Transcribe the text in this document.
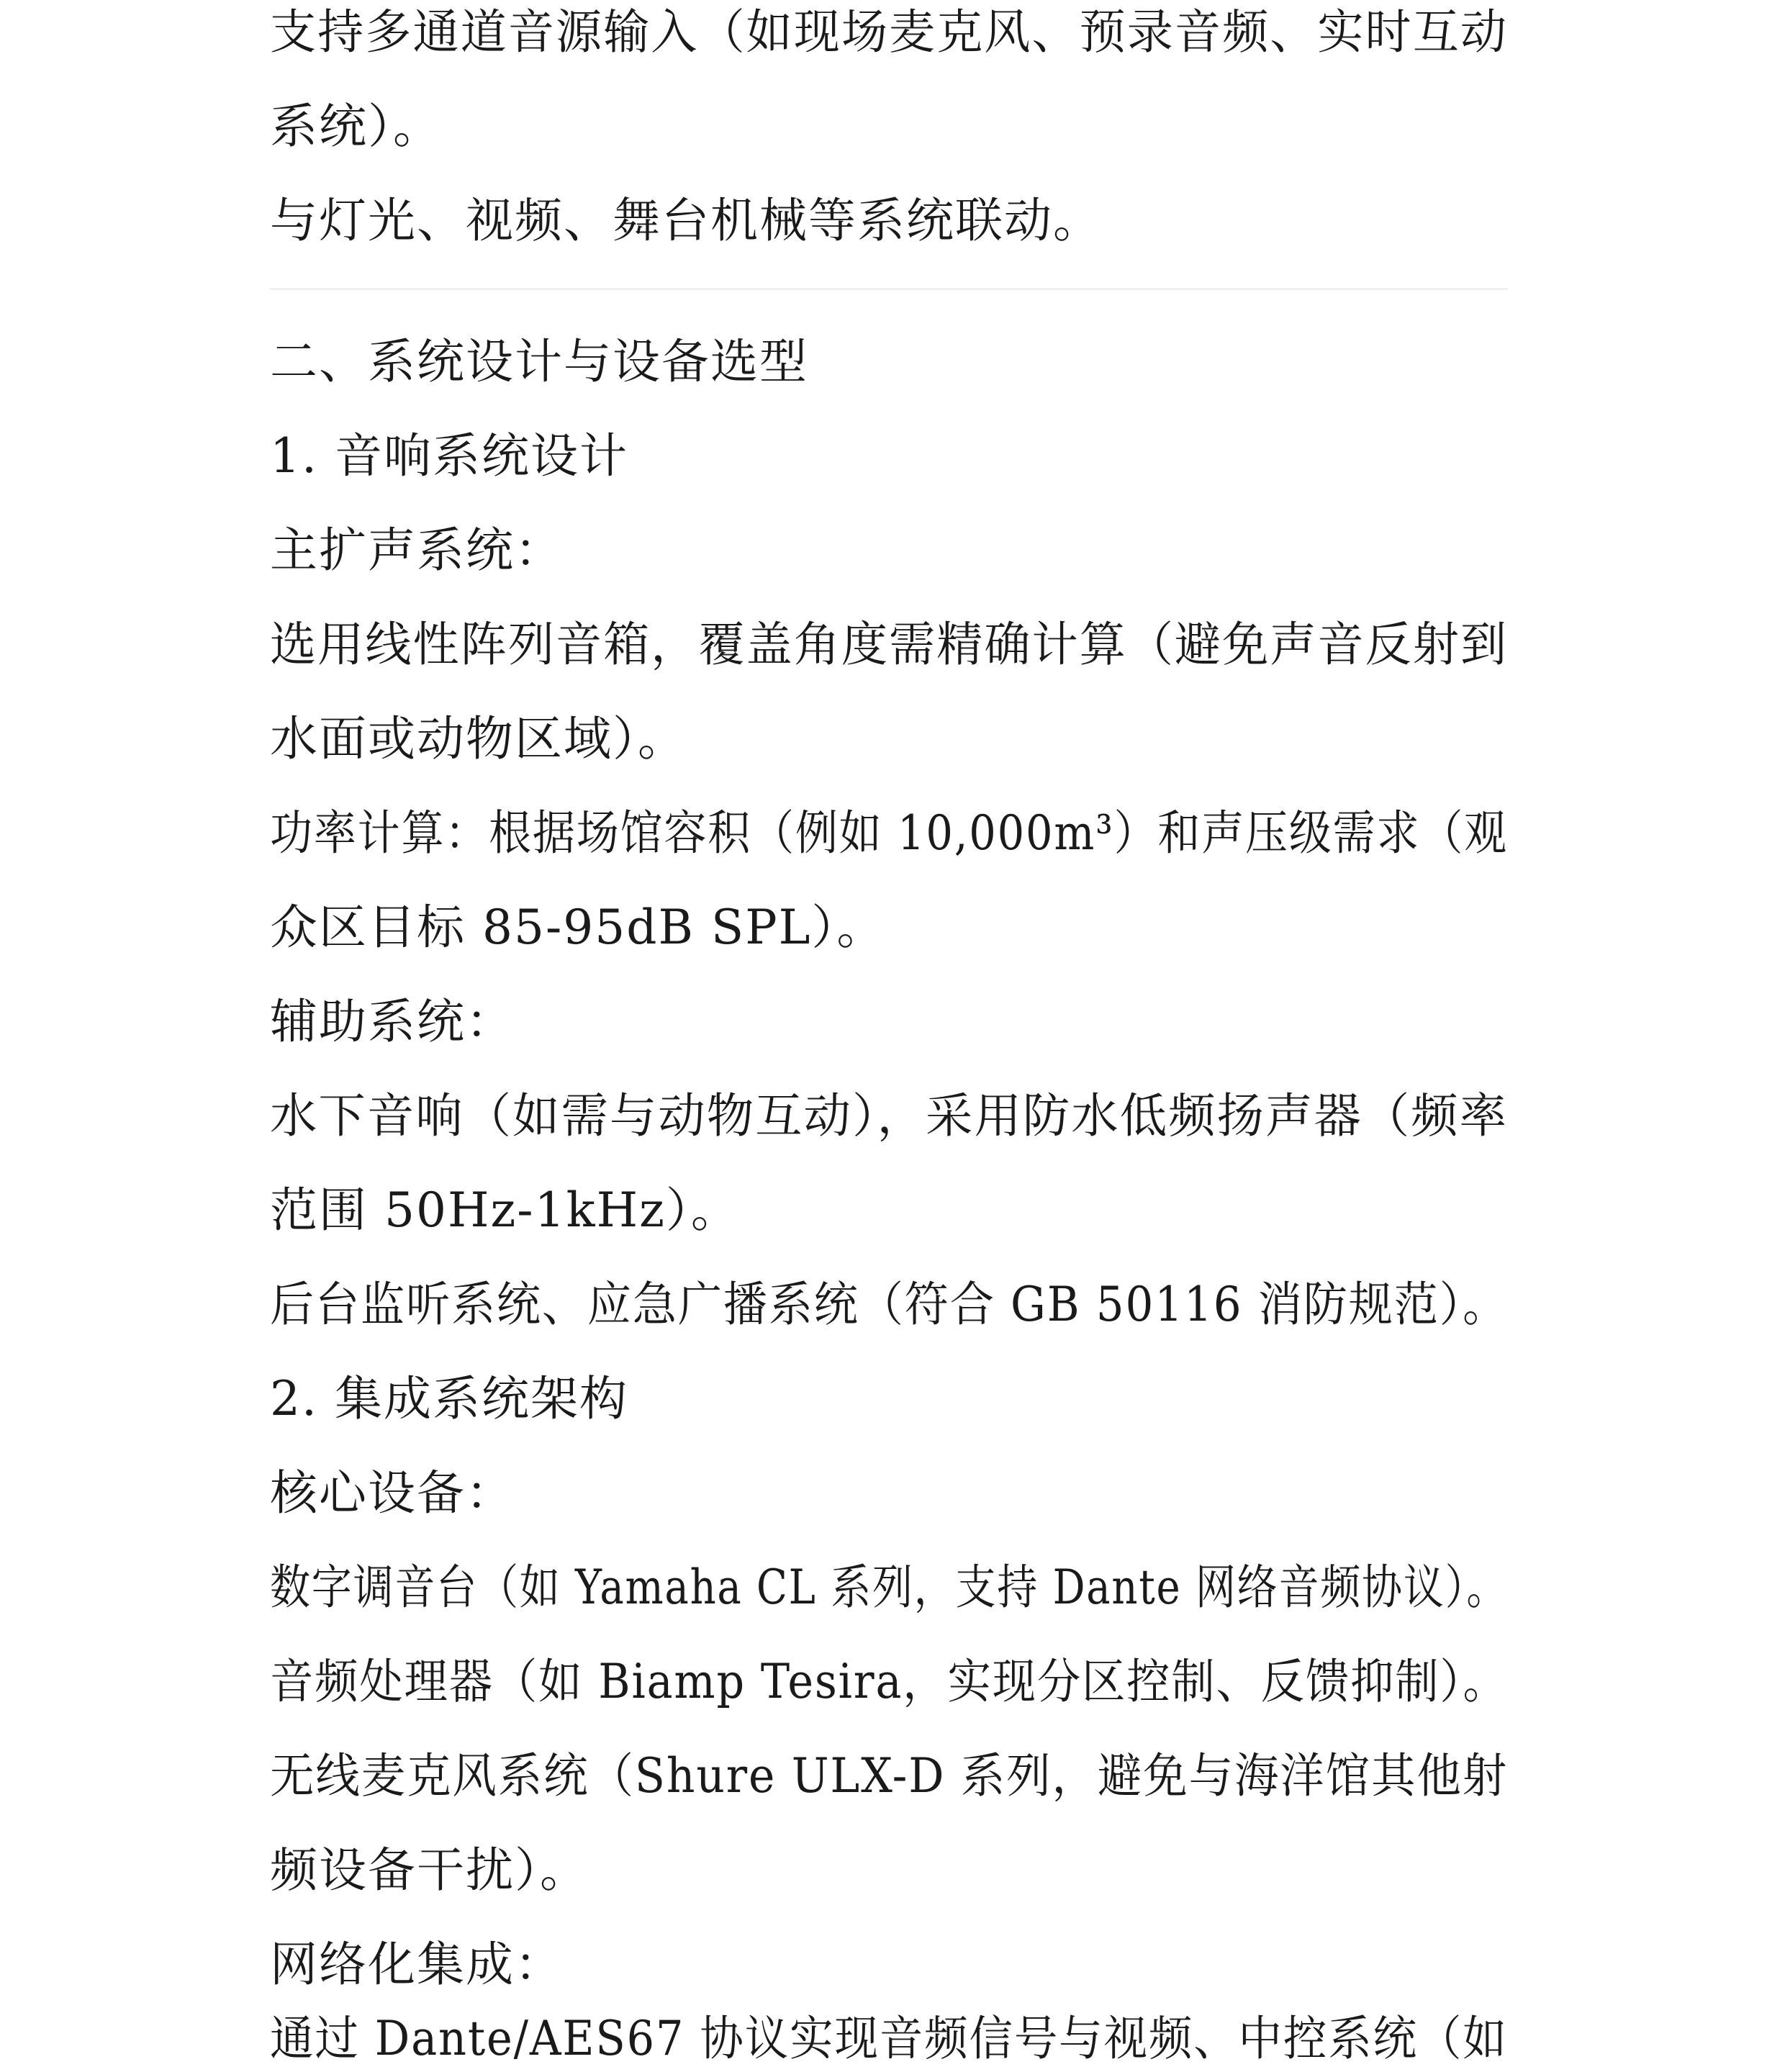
支持多通道音源输入（如现场麦克风、预录音频、实时互动
系统）。
与灯光、视频、舞台机械等系统联动。
二、系统设计与设备选型
1. 音响系统设计
主扩声系统：
选用线性阵列音箱，覆盖角度需精确计算（避免声音反射到
水面或动物区域）。
功率计算：根据场馆容积（例如 10,000m³）和声压级需求（观
众区目标 85-95dB SPL）。
辅助系统：
水下音响（如需与动物互动），采用防水低频扬声器（频率
范围 50Hz-1kHz）。
后台监听系统、应急广播系统（符合 GB 50116 消防规范）。
2. 集成系统架构
核心设备：
数字调音台（如 Yamaha CL 系列，支持 Dante 网络音频协议）。
音频处理器（如 Biamp Tesira，实现分区控制、反馈抑制）。
无线麦克风系统（Shure ULX-D 系列，避免与海洋馆其他射
频设备干扰）。
网络化集成：
通过 Dante/AES67 协议实现音频信号与视频、中控系统（如
